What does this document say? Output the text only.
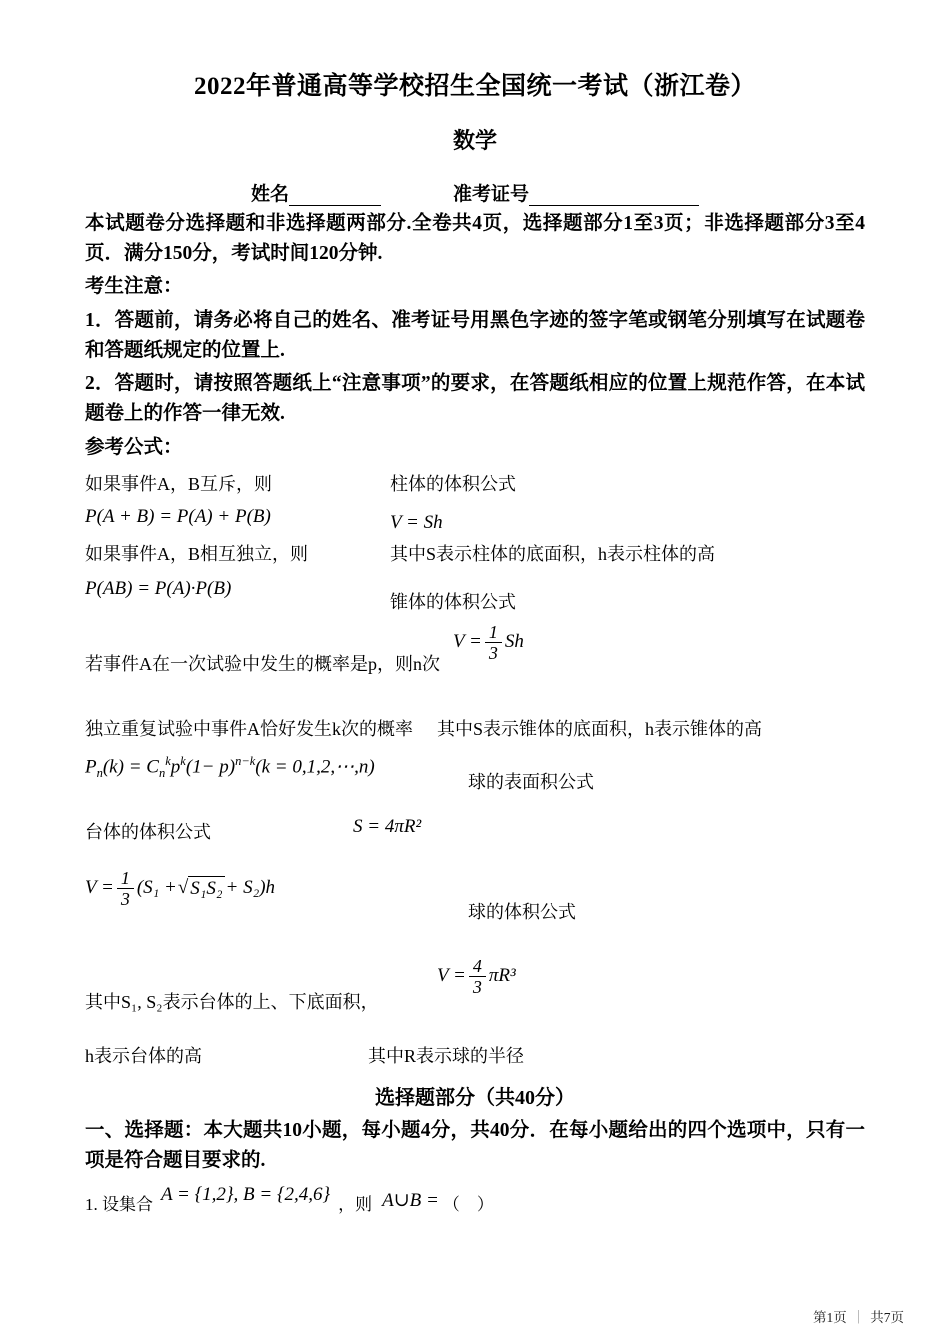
2022年普通高等学校招生全国统一考试（浙江卷）
数学
姓名	准考证号

本试题卷分选择题和非选择题两部分.全卷共4页，选择题部分1至3页；非选择题部分3至4页．满分150分，考试时间120分钟.

考生注意：

1．答题前，请务必将自己的姓名、准考证号用黑色字迹的签字笔或钢笔分别填写在试题卷和答题纸规定的位置上.

2．答题时，请按照答题纸上“注意事项”的要求，在答题纸相应的位置上规范作答，在本试题卷上的作答一律无效.

参考公式：

如果事件A，B互斥，则
P(A + B) = P(A) + P(B)
如果事件A，B相互独立，则
P(AB) = P(A)·P(B)
若事件A在一次试验中发生的概率是p，则n次
独立重复试验中事件A恰好发生k次的概率
$P_n(k) = C_n^kp^k(1- p)^{n-k}(k$ = 0,1,2,⋯,n)
台体的体积公式
$V = \frac{1}{3} (S_1$ + √ S₁S₂ + S₂)h
其中S₁, S₂表示台体的上、下底面积，
h表示台体的高
柱体的体积公式
V = Sh
其中S表示柱体的底面积，h表示柱体的高
锥体的体积公式
$V = \frac{1}{3}$ Sh
其中S表示锥体的底面积，h表示锥体的高
球的表面积公式
S = 4πR²
球的体积公式
$V = \frac{4}{3} \pi R^3$
其中R表示球的半径
选择题部分（共40分）

一、选择题：本大题共10小题，每小题4分，共40分．在每小题给出的四个选项中，只有一项是符合题目要求的.

1. 设集合 A = {1,2}, B = {2,4,6} ，则 A∪B = （　）
第1页 ｜ 共7页
